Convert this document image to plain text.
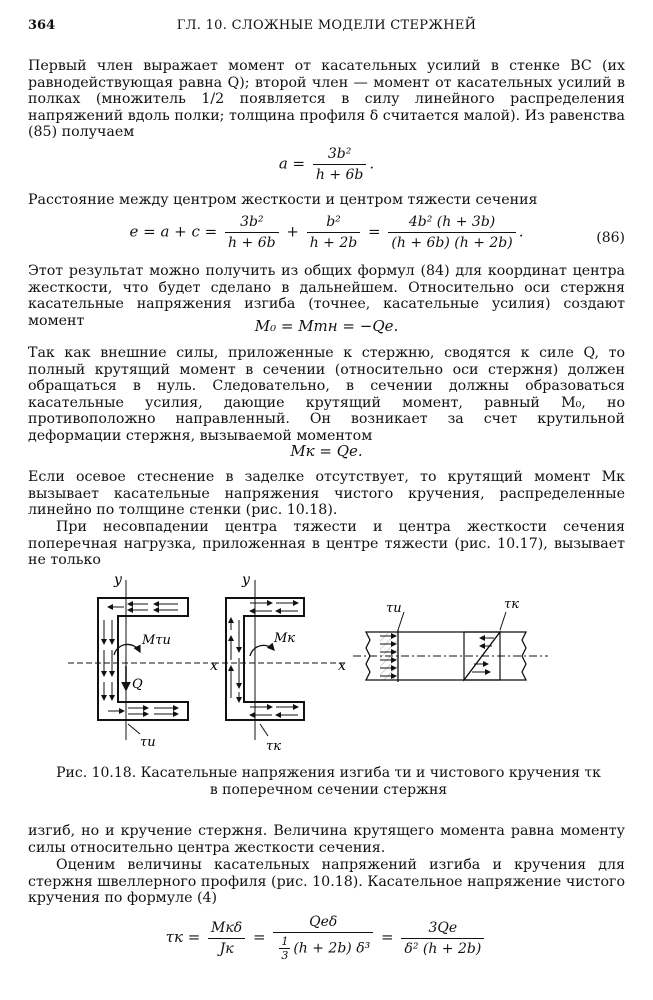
364	ГЛ. 10. СЛОЖНЫЕ МОДЕЛИ СТЕРЖНЕЙ

Первый член выражает момент от касательных усилий в стенке BC (их равнодействующая равна Q); второй член — момент от касательных усилий в полках (множитель 1/2 появляется в силу линейного распределения напряжений вдоль полки; толщина профиля δ считается малой). Из равенства (85) получаем

$a = \frac{\text{3b²}}{h + 6b}$ .

Расстояние между центром жесткости и центром тяжести сечения

$e = a + c = \frac{\text{3b²}}{h + 6b} + \frac{\text{b²}}{h + 2b} = \frac{\text{4b² (h + 3b)}}{(h + 6b) (h + 2b)}$ .	(86)

Этот результат можно получить из общих формул (84) для координат центра жесткости, что будет сделано в дальнейшем. Относительно оси стержня касательные напряжения изгиба (точнее, касательные усилия) создают момент	M₀ = Mтн = −Qe.

Так как внешние силы, приложенные к стержню, сводятся к силе Q, то полный крутящий момент в сечении (относительно оси стержня) должен обращаться в нуль. Следовательно, в сечении должны образоваться касательные усилия, дающие крутящий момент, равный M₀, но противоположно направленный. Он возникает за счет крутильной деформации стержня, вызываемой моментом

Mк = Qe.

Если осевое стеснение в заделке отсутствует, то крутящий момент Mк вызывает касательные напряжения чистого кручения, распределенные линейно по толщине стенки (рис. 10.18).

При несовпадении центра тяжести и центра жесткости сечения поперечная нагрузка, приложенная в центре тяжести (рис. 10.17), вызывает не только

y
x
Mτи
Q
τи
y
x
Mк
τк
τи	τк
Рис. 10.18. Касательные напряжения изгиба τи и чистового кручения τк в поперечном сечении стержня

изгиб, но и кручение стержня. Величина крутящего момента равна моменту силы относительно центра жесткости сечения.

Оценим величины касательных напряжений изгиба и кручения для стержня швеллерного профиля (рис. 10.18). Касательное напряжение чистого кручения по формуле (4)

τк =
Mкδ
Jк
=
Qeδ
$\frac{1}{3} (h + 2b)$ δ³
= $\frac{3Qe}{\text{δ² (h + 2b)}}$
